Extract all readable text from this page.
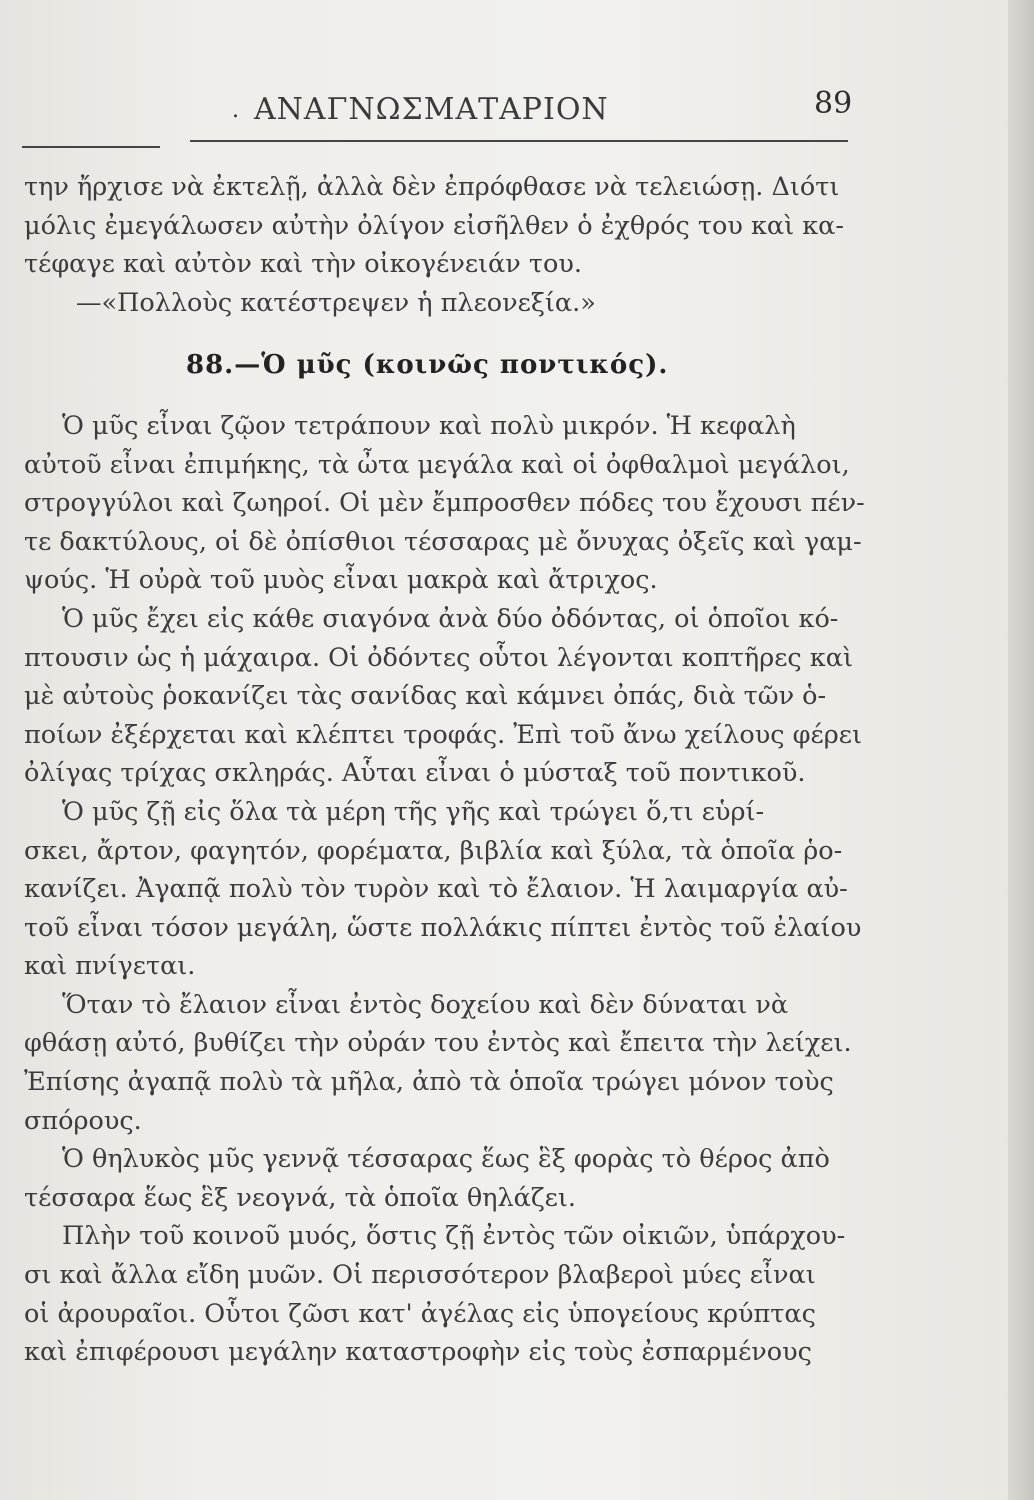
. ΑΝΑΓΝΩΣΜΑΤΑΡΙΟΝ	89
την ἤρχισε νὰ ἐκτελῇ, ἀλλὰ δὲν ἐπρόφθασε νὰ τελειώσῃ. Διότι
μόλις ἐμεγάλωσεν αὐτὴν ὀλίγον εἰσῆλθεν ὁ ἐχθρός του καὶ κα-
τέφαγε καὶ αὐτὸν καὶ τὴν οἰκογένειάν του.
—«Πολλοὺς κατέστρεψεν ἡ πλεονεξία.»
88.—Ὁ μῦς (κοινῶς ποντικός).
Ὁ μῦς εἶναι ζῷον τετράπουν καὶ πολὺ μικρόν. Ἡ κεφαλὴ
αὐτοῦ εἶναι ἐπιμήκης, τὰ ὦτα μεγάλα καὶ οἱ ὀφθαλμοὶ μεγάλοι,
στρογγύλοι καὶ ζωηροί. Οἱ μὲν ἔμπροσθεν πόδες του ἔχουσι πέν-
τε δακτύλους, οἱ δὲ ὀπίσθιοι τέσσαρας μὲ ὄνυχας ὀξεῖς καὶ γαμ-
ψούς. Ἡ οὐρὰ τοῦ μυὸς εἶναι μακρὰ καὶ ἄτριχος.
Ὁ μῦς ἔχει εἰς κάθε σιαγόνα ἀνὰ δύο ὀδόντας, οἱ ὁποῖοι κό-
πτουσιν ὡς ἡ μάχαιρα. Οἱ ὀδόντες οὗτοι λέγονται κοπτῆρες καὶ
μὲ αὐτοὺς ῥοκανίζει τὰς σανίδας καὶ κάμνει ὀπάς, διὰ τῶν ὁ-
ποίων ἐξέρχεται καὶ κλέπτει τροφάς. Ἐπὶ τοῦ ἄνω χείλους φέρει
ὀλίγας τρίχας σκληράς. Αὗται εἶναι ὁ μύσταξ τοῦ ποντικοῦ.
Ὁ μῦς ζῇ εἰς ὅλα τὰ μέρη τῆς γῆς καὶ τρώγει ὅ,τι εὑρί-
σκει, ἄρτον, φαγητόν, φορέματα, βιβλία καὶ ξύλα, τὰ ὁποῖα ῥο-
κανίζει. Ἀγαπᾷ πολὺ τὸν τυρὸν καὶ τὸ ἔλαιον. Ἡ λαιμαργία αὐ-
τοῦ εἶναι τόσον μεγάλη, ὥστε πολλάκις πίπτει ἐντὸς τοῦ ἐλαίου
καὶ πνίγεται.
Ὅταν τὸ ἔλαιον εἶναι ἐντὸς δοχείου καὶ δὲν δύναται νὰ
φθάσῃ αὐτό, βυθίζει τὴν οὐράν του ἐντὸς καὶ ἔπειτα τὴν λείχει.
Ἐπίσης ἀγαπᾷ πολὺ τὰ μῆλα, ἀπὸ τὰ ὁποῖα τρώγει μόνον τοὺς
σπόρους.
Ὁ θηλυκὸς μῦς γεννᾷ τέσσαρας ἕως ἓξ φορὰς τὸ θέρος ἀπὸ
τέσσαρα ἕως ἓξ νεογνά, τὰ ὁποῖα θηλάζει.
Πλὴν τοῦ κοινοῦ μυός, ὅστις ζῇ ἐντὸς τῶν οἰκιῶν, ὑπάρχου-
σι καὶ ἄλλα εἴδη μυῶν. Οἱ περισσότερον βλαβεροὶ μύες εἶναι
οἱ ἀρουραῖοι. Οὗτοι ζῶσι κατ' ἀγέλας εἰς ὑπογείους κρύπτας
καὶ ἐπιφέρουσι μεγάλην καταστροφὴν εἰς τοὺς ἐσπαρμένους
